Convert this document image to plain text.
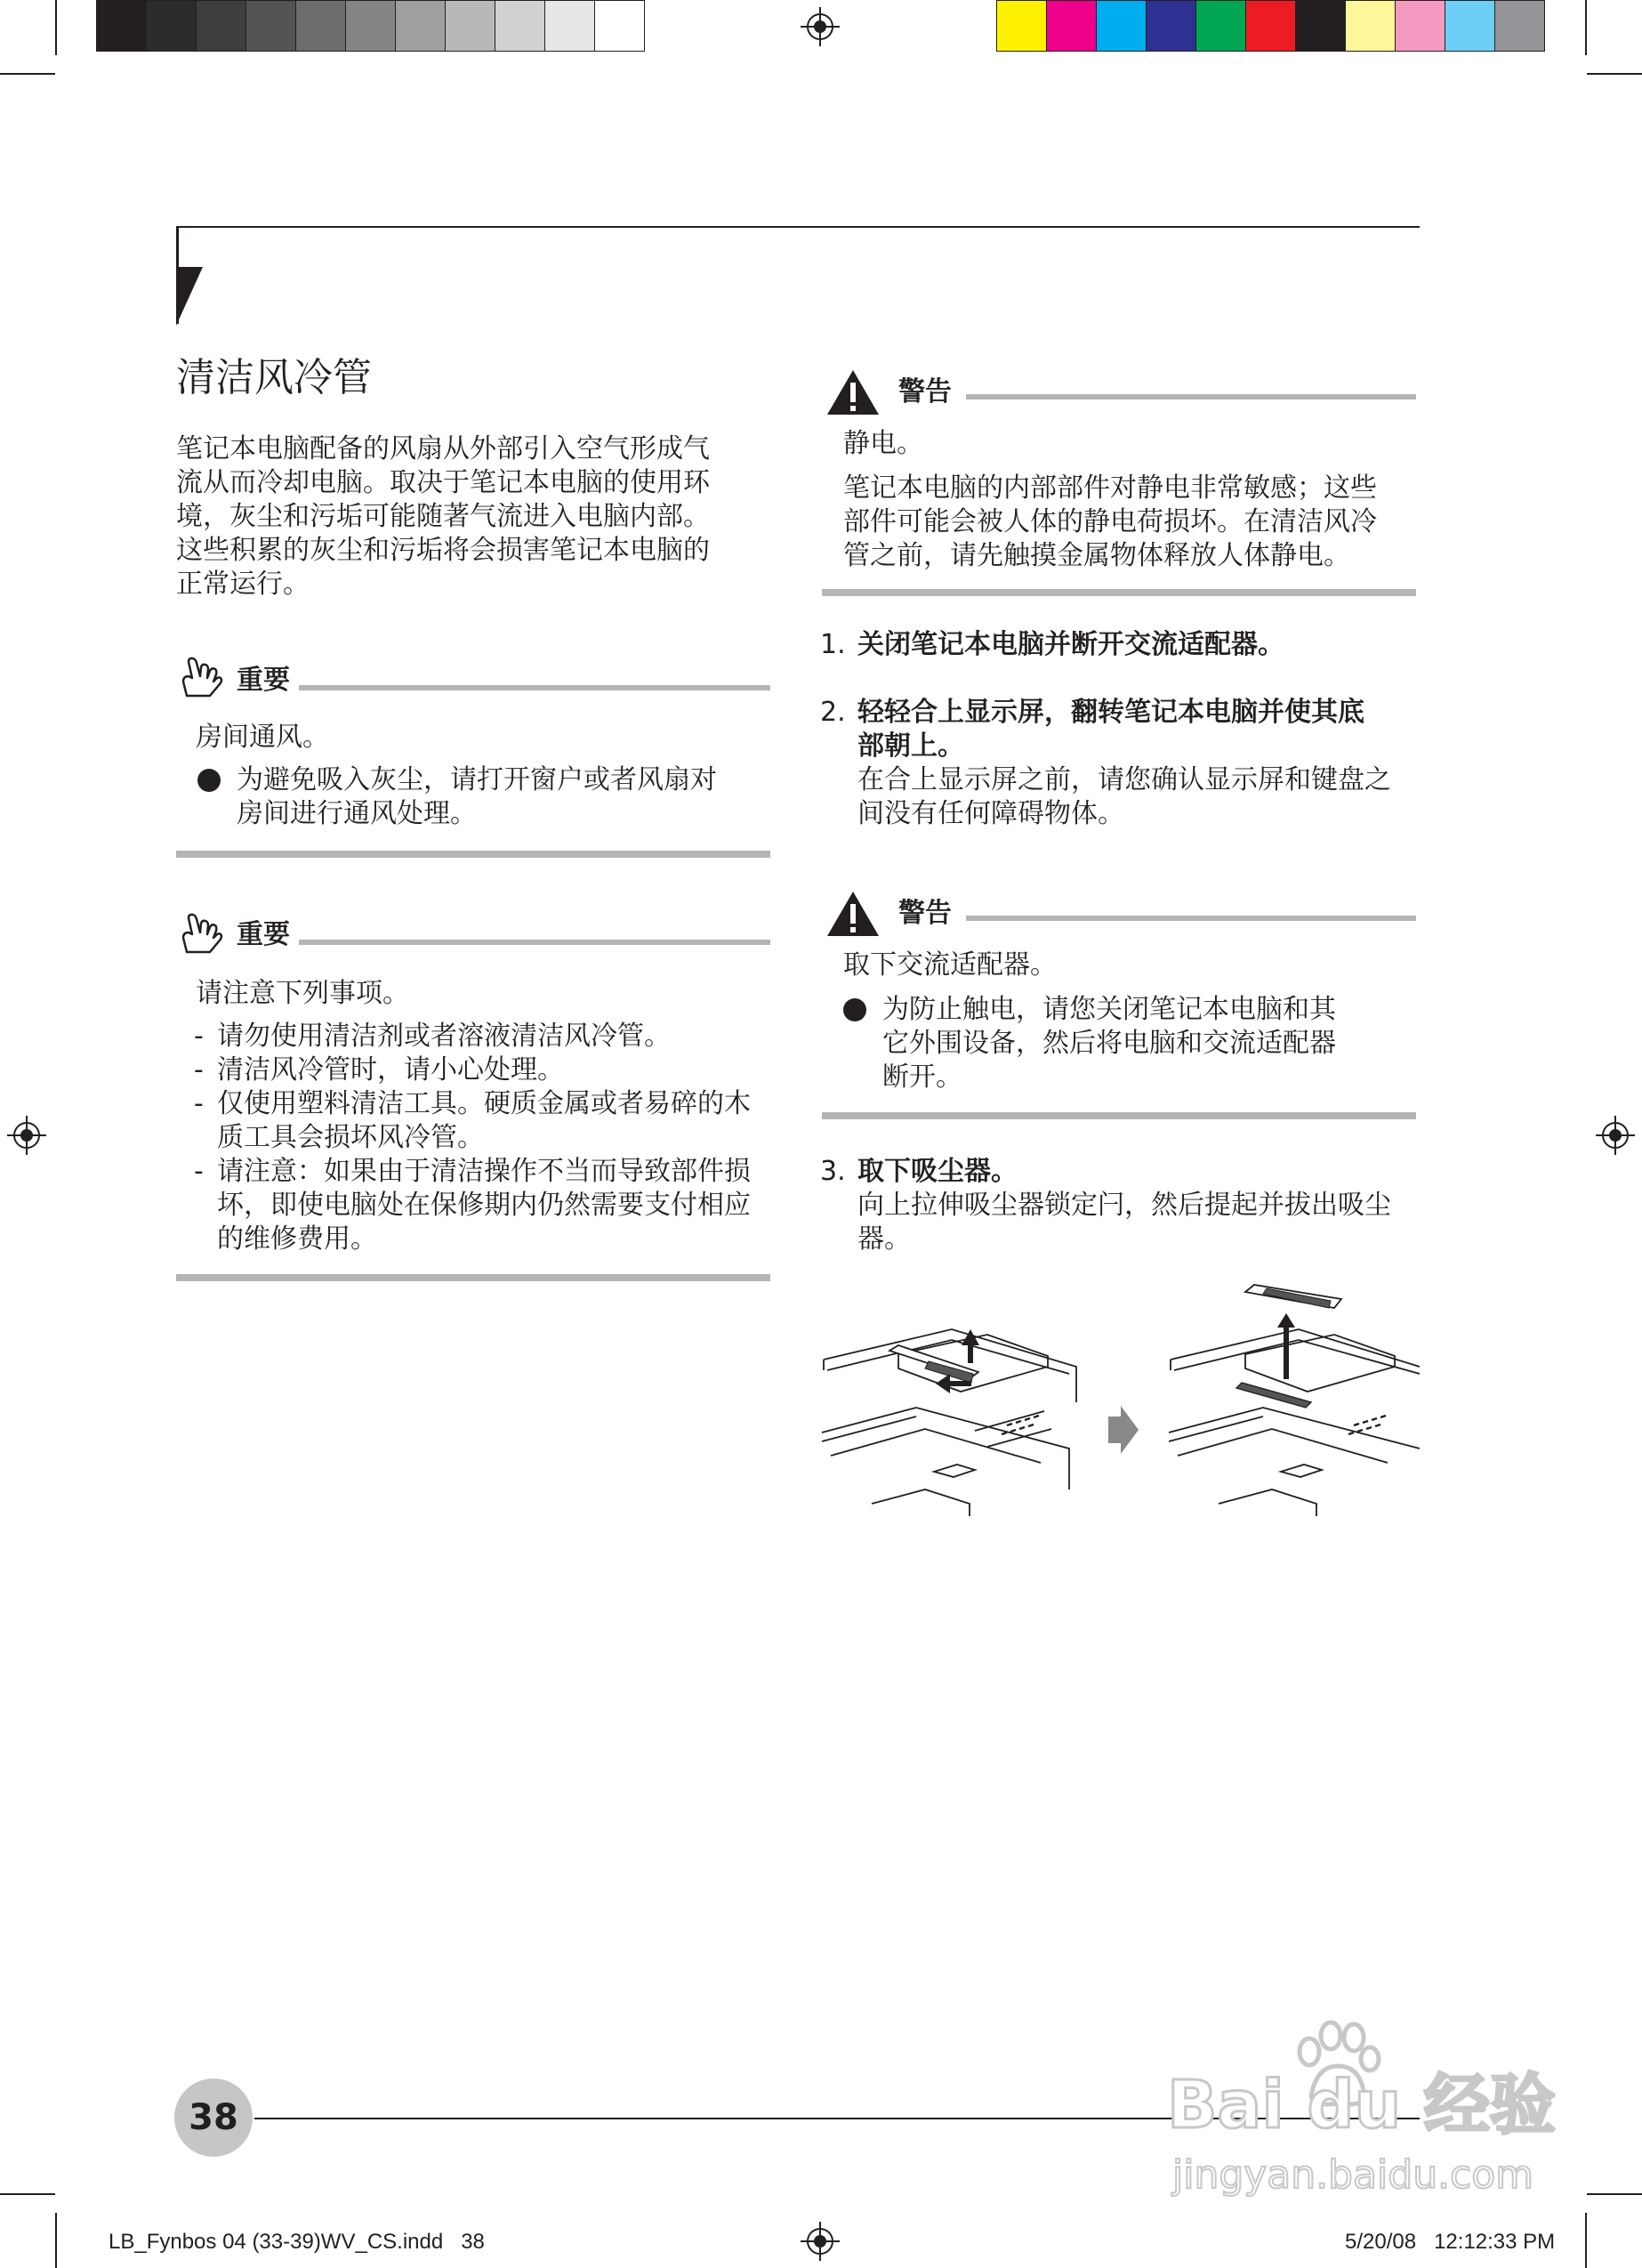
清洁风冷管
笔记本电脑配备的风扇从外部引入空气形成气
流从而冷却电脑。取决于笔记本电脑的使用环
境，灰尘和污垢可能随著气流进入电脑内部。
这些积累的灰尘和污垢将会损害笔记本电脑的
正常运行。
重要
房间通风。
为避免吸入灰尘，请打开窗户或者风扇对
房间进行通风处理。
重要
请注意下列事项。
- 请勿使用清洁剂或者溶液清洁风冷管。
- 清洁风冷管时，请小心处理。
- 仅使用塑料清洁工具。硬质金属或者易碎的木
质工具会损坏风冷管。
- 请注意：如果由于清洁操作不当而导致部件损
坏，即使电脑处在保修期内仍然需要支付相应
的维修费用。
警告
静电。
笔记本电脑的内部部件对静电非常敏感；这些
部件可能会被人体的静电荷损坏。在清洁风冷
管之前，请先触摸金属物体释放人体静电。
1. 关闭笔记本电脑并断开交流适配器。
2. 轻轻合上显示屏，翻转笔记本电脑并使其底
部朝上。
在合上显示屏之前，请您确认显示屏和键盘之
间没有任何障碍物体。
警告
取下交流适配器。
为防止触电，请您关闭笔记本电脑和其
它外围设备，然后将电脑和交流适配器
断开。
3. 取下吸尘器。
向上拉伸吸尘器锁定闩，然后提起并拔出吸尘
器。
38
LB_Fynbos 04 (33-39)WV_CS.indd   38	5/20/08   12:12:33 PM
Bai du 经验
jingyan.baidu.com
